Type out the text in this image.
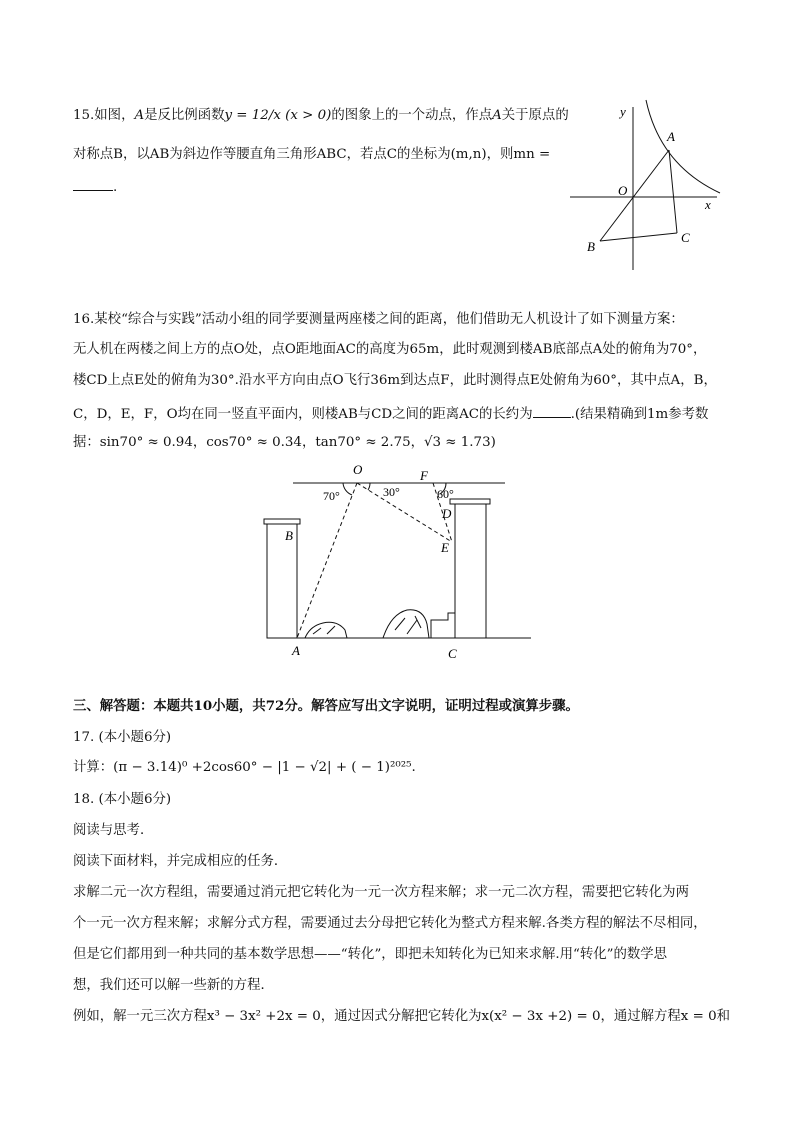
15.如图，A是反比例函数y = 12/x (x > 0)的图象上的一个动点，作点A关于原点的
对称点B，以AB为斜边作等腰直角三角形ABC，若点C的坐标为(m,n)，则mn =
.
y
x
O
A
B
C
16.某校“综合与实践”活动小组的同学要测量两座楼之间的距离，他们借助无人机设计了如下测量方案：
无人机在两楼之间上方的点O处，点O距地面AC的高度为65m，此时观测到楼AB底部点A处的俯角为70°，
楼CD上点E处的俯角为30°.沿水平方向由点O飞行36m到达点F，此时测得点E处俯角为60°，其中点A，B，
C，D，E，F，O均在同一竖直平面内，则楼AB与CD之间的距离AC的长约为	.(结果精确到1m参考数
据：sin70° ≈ 0.94，cos70° ≈ 0.34，tan70° ≈ 2.75，√3 ≈ 1.73)
O	F
70°	30°	60°
B
D
E
A	C
三、解答题：本题共10小题，共72分。解答应写出文字说明，证明过程或演算步骤。
17. (本小题6分)
计算：(π − 3.14)⁰ +2cos60° − |1 − √2| + ( − 1)²⁰²⁵.
18. (本小题6分)
阅读与思考．
阅读下面材料，并完成相应的任务．
求解二元一次方程组，需要通过消元把它转化为一元一次方程来解；求一元二次方程，需要把它转化为两
个一元一次方程来解；求解分式方程，需要通过去分母把它转化为整式方程来解.各类方程的解法不尽相同，
但是它们都用到一种共同的基本数学思想——“转化”，即把未知转化为已知来求解.用“转化”的数学思
想，我们还可以解一些新的方程．
例如，解一元三次方程x³ − 3x² +2x = 0，通过因式分解把它转化为x(x² − 3x +2) = 0，通过解方程x = 0和
